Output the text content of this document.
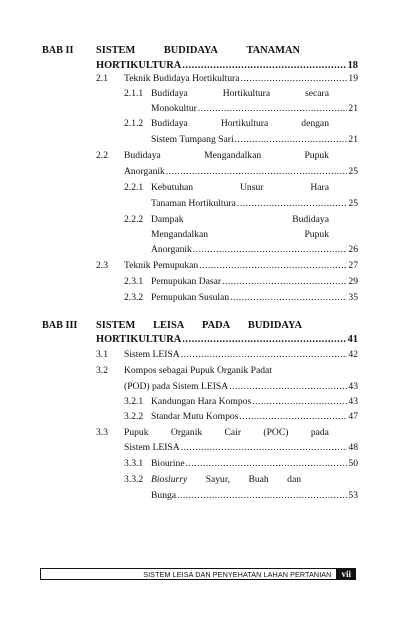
BAB II SISTEM	BUDIDAYA	TANAMAN
HORTIKULTURA .....	18
2.1 Teknik Budidaya Hortikultura .....	19
2.1.1 Budidaya	Hortikultura	secara
Monokultur .....	21
2.1.2 Budidaya	Hortikultura	dengan
Sistem Tumpang Sari .....	21
2.2 Budidaya	Mengandalkan	Pupuk
Anorganik .....	25
2.2.1 Kebutuhan	Unsur	Hara
Tanaman Hortikultura .....	25
2.2.2 Dampak	Budidaya
Mengandalkan	Pupuk
Anorganik .....	26
2.3 Teknik Pemupukan .....	27
2.3.1 Pemupukan Dasar .....	29
2.3.2 Pemupukan Susulan .....	35
BAB III SISTEM LEISA PADA BUDIDAYA
HORTIKULTURA .....	41
3.1 Sistem LEISA .....	42
3.2 Kompos sebagai Pupuk Organik Padat
(POD) pada Sistem LEISA .....	43
3.2.1 Kandungan Hara Kompos .....	43
3.2.2 Standar Mutu Kompos .....	47
3.3 Pupuk Organik Cair (POC) pada
Sistem LEISA .....	48
3.3.1 Biourine .....	50
3.3.2 Bioslurry Sayur, Buah dan
Bunga .....	53
SISTEM LEISA DAN PENYEHATAN LAHAN PERTANIAN	vii
